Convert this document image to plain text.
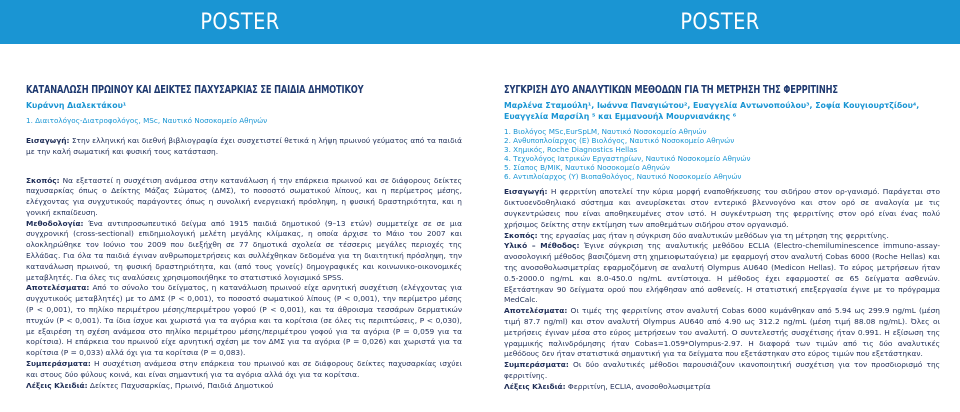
POSTER	POSTER
ΚΑΤΑΝΑΛΩΣΗ ΠΡΩΙΝΟΥ ΚΑΙ ΔΕΙΚΤΕΣ ΠΑΧΥΣΑΡΚΙΑΣ ΣΕ ΠΑΙΔΙΑ ΔΗΜΟΤΙΚΟΥ
Κυράννη Διαλεκτάκου¹
1. Διαιτολόγος-Διατροφολόγος, MSc, Ναυτικό Νοσοκομείο Αθηνών
Εισαγωγή: Στην ελληνική και διεθνή βιβλιογραφία έχει συσχετιστεί θετικά η λήψη πρωινού γεύματος από τα παιδιά με την καλή σωματική και φυσική τους κατάσταση.
Σκοπός: Να εξεταστεί η συσχέτιση ανάμεσα στην κατανάλωση ή την επάρκεια πρωινού και σε διάφορους δείκτες παχυσαρκίας όπως ο Δείκτης Μάζας Σώματος (ΔΜΣ), το ποσοστό σωματικού λίπους, και η περίμετρος μέσης, ελέγχοντας για συγχυτικούς παράγοντες όπως η συνολική ενεργειακή πρόσληψη, η φυσική δραστηριότητα, και η γονική εκπαίδευση.
Μεθοδολογία: Ένα αντιπροσωπευτικό δείγμα από 1915 παιδιά δημοτικού (9–13 ετών) συμμετείχε σε σε μια συγχρονική (cross-sectional) επιδημιολογική μελέτη μεγάλης κλίμακας, η οποία άρχισε το Μάιο του 2007 και ολοκληρώθηκε τον Ιούνιο του 2009 που διεξήχθη σε 77 δημοτικά σχολεία σε τέσσερις μεγάλες περιοχές της Ελλάδας. Για όλα τα παιδιά έγιναν ανθρωπομετρήσεις και συλλέχθηκαν δεδομένα για τη διαιτητική πρόσληψη, την κατανάλωση πρωινού, τη φυσική δραστηριότητα, και (από τους γονείς) δημογραφικές και κοινωνικο-οικονομικές μεταβλητές. Για όλες τις αναλύσεις χρησιμοποιήθηκε το στατιστικό λογισμικό SPSS.
Αποτελέσματα: Από το σύνολο του δείγματος, η κατανάλωση πρωινού είχε αρνητική συσχέτιση (ελέγχοντας για συγχυτικούς μεταβλητές) με το ΔΜΣ (P < 0,001), το ποσοστό σωματικού λίπους (P < 0,001), την περίμετρο μέσης (P < 0,001), το πηλίκο περιμέτρου μέσης/περιμέτρου γοφού (P < 0,001), και τα άθροισμα τεσσάρων δερματικών πτυχών (P < 0,001). Τα ίδια ίσχυε και χωριστά για τα αγόρια και τα κορίτσια (σε όλες τις περιπτώσεις, P < 0,030), με εξαιρέση τη σχέση ανάμεσα στο πηλίκο περιμέτρου μέσης/περιμέτρου γοφού για τα αγόρια (P = 0,059 για τα κορίτσια). Η επάρκεια του πρωινού είχε αρνητική σχέση με τον ΔΜΣ για τα αγόρια (P = 0,026) και χωριστά για τα κορίτσια (P = 0,033) αλλά όχι για τα κορίτσια (P = 0,083).
Συμπεράσματα: Η συσχέτιση ανάμεσα στην επάρκεια του πρωινού και σε διάφορους δείκτες παχυσαρκίας ισχύει και στους δύο φύλους κοινά, και είναι σημαντική για τα αγόρια αλλά όχι για τα κορίτσια.
Λέξεις Κλειδιά: Δείκτες Παχυσαρκίας, Πρωινό, Παιδιά Δημοτικού
ΣΥΓΚΡΙΣΗ ΔΥΟ ΑΝΑΛΥΤΙΚΩΝ ΜΕΘΟΔΩΝ ΓΙΑ ΤΗ ΜΕΤΡΗΣΗ ΤΗΣ ΦΕΡΡΙΤΙΝΗΣ
Μαρλένα Σταμούλη¹, Ιωάννα Παναγιώτου², Ευαγγελία Αντωνοπούλου³, Σοφία Κουγιουρτζίδου⁴,
Ευαγγελία Μαρσίλη ⁵ και Εμμανουήλ Μουρνιανάκης ⁶
1. Βιολόγος MSc,EurSpLM, Ναυτικό Νοσοκομείο Αθηνών
2. Ανθυποπλοίαρχος (Ε) Βιολόγος, Ναυτικό Νοσοκομείο Αθηνών
3. Χημικός, Roche Diagnostics Hellas
4. Τεχνολόγος Ιατρικών Εργαστηρίων, Ναυτικό Νοσοκομείο Αθηνών
5. Σίαπος Β/ΜΙΚ, Ναυτικό Νοσοκομείο Αθηνών
6. Αντιπλοίαρχος (Υ) Βιοπαθολόγος, Ναυτικό Νοσοκομείο Αθηνών
Εισαγωγή: Η φερριτίνη αποτελεί την κύρια μορφή εναποθήκευσης του σιδήρου στον ορ-γανισμό. Παράγεται στο δικτυοενδοθηλιακό σύστημα και ανευρίσκεται στον εντερικό βλεννογόνο και στον ορό σε αναλογία με τις συγκεντρώσεις που είναι αποθηκευμένες στον ιστό. Η συγκέντρωση της φερριτίνης στον ορό είναι ένας πολύ χρήσιμος δείκτης στην εκτίμηση των αποθεμάτων σιδήρου στον οργανισμό.
Σκοπός: της εργασίας μας ήταν η σύγκριση δύο αναλυτικών μεθόδων για τη μέτρηση της φερριτίνης.
Υλικό – Μέθοδος: Έγινε σύγκριση της αναλυτικής μεθόδου ECLIA (Electro-chemiluminescence immuno-assay- ανοσολογική μέθοδος βασιζόμενη στη χημειοφωταύγεια) με εφαρμογή στον αναλυτή Cobas 6000 (Roche Hellas) και της ανοσοθολωσιμετρίας εφαρμοζόμενη σε αναλυτή Olympus AU640 (Medicon Hellas). Το εύρος μετρήσεων ήταν 0.5-2000.0 ng/mL και 8.0-450.0 ng/mL αντίστοιχα. Η μέθοδος έχει εφαρμοστεί σε 65 δείγματα ασθενών. Εξετάστηκαν 90 δείγματα ορού που ελήφθησαν από ασθενείς. Η στατιστική επεξεργασία έγινε με το πρόγραμμα ΜedCalc.
Αποτελέσματα: Οι τιμές της φερριτίνης στον αναλυτή Cobas 6000 κυμάνθηκαν από 5.94 ως 299.9 ng/mL (μέση τιμή 87.7 ng/ml) και στον αναλυτή Olympus AU640 από 4.90 ως 312.2 ng/mL (μέση τιμή 88.08 ng/mL). Όλες οι μετρήσεις έγιναν μέσα στο εύρος μετρήσεων του αναλυτή. Ο συντελεστής συσχέτισης ήταν 0.991. Η εξίσωση της γραμμικής παλινδρόμησης ήταν Cobas=1.059*Olympus-2.97. Η διαφορά των τιμών από τις δύο αναλυτικές μεθόδους δεν ήταν στατιστικά σημαντική για τα δείγματα που εξετάστηκαν στο εύρος τιμών που εξετάστηκαν.
Συμπεράσματα: Οι δύο αναλυτικές μέθοδοι παρουσιάζουν ικανοποιητική συσχέτιση για τον προσδιορισμό της φερριτίνης.
Λέξεις Κλειδιά: Φερριτίνη, ECLIA, ανοσοθολωσιμετρία
